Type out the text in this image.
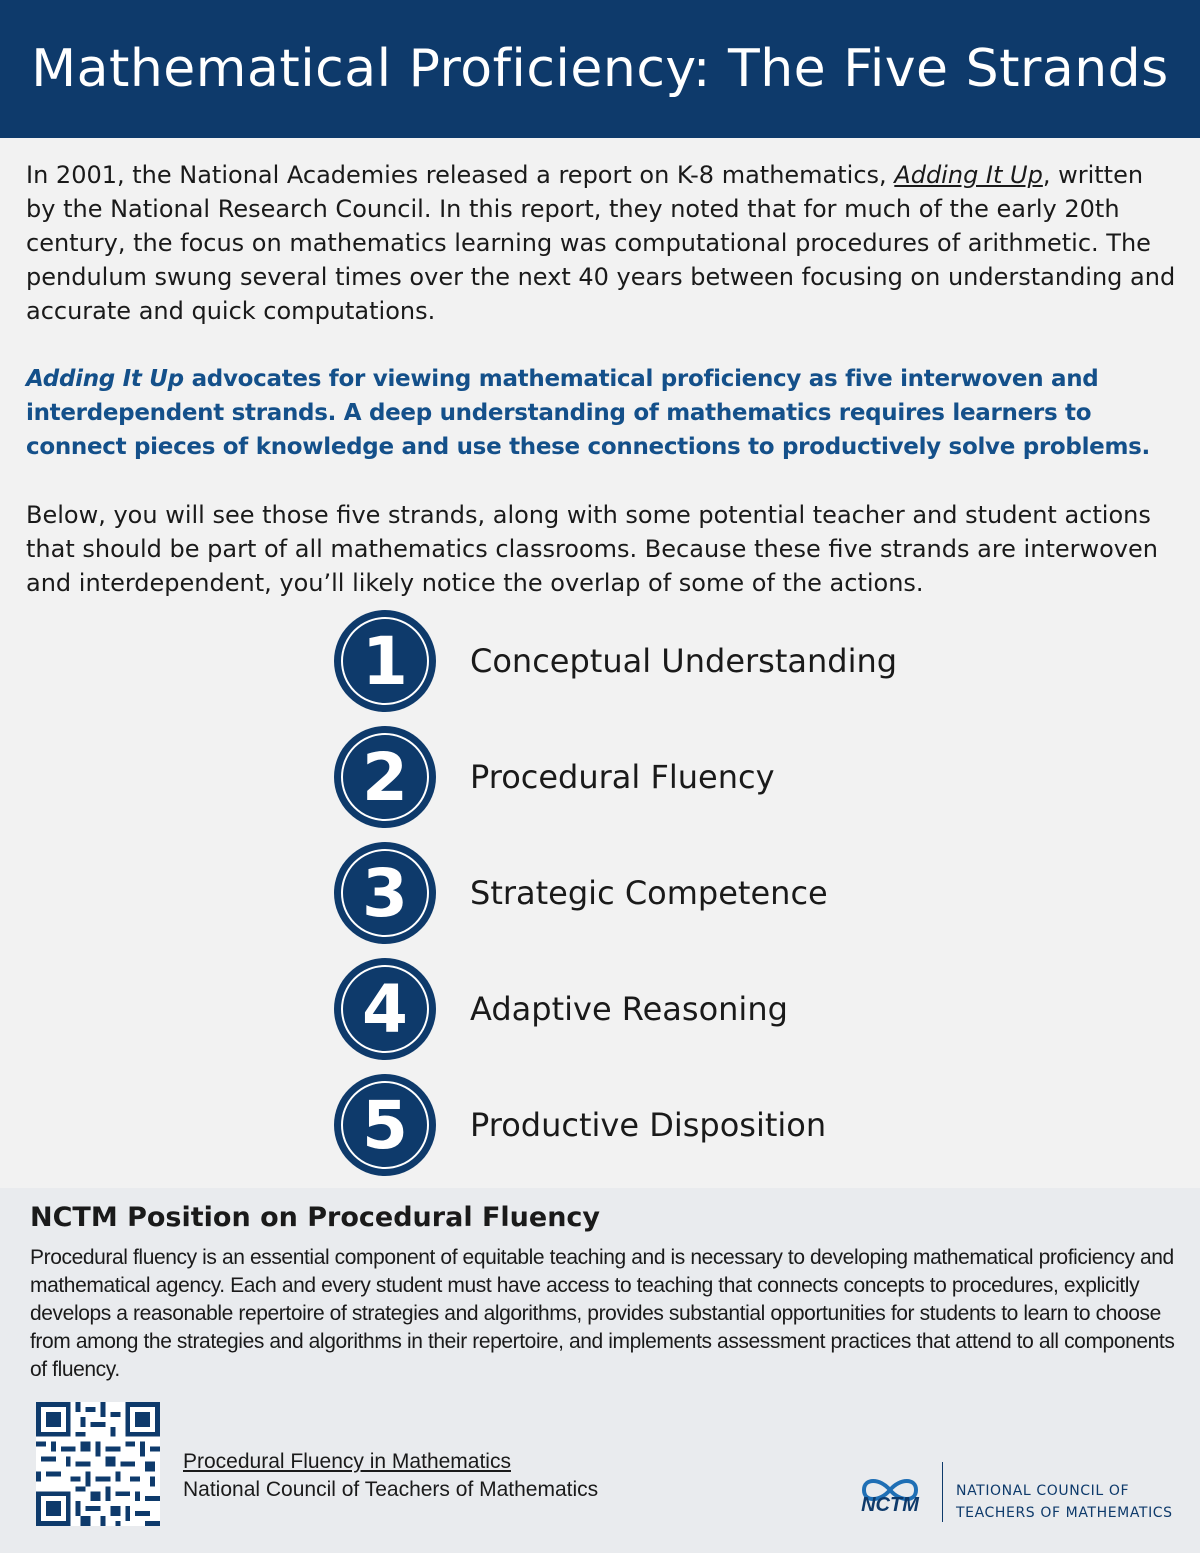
Mathematical Proficiency: The Five Strands

In 2001, the National Academies released a report on K-8 mathematics, Adding It Up, written by the National Research Council. In this report, they noted that for much of the early 20th century, the focus on mathematics learning was computational procedures of arithmetic. The pendulum swung several times over the next 40 years between focusing on understanding and accurate and quick computations.

Adding It Up advocates for viewing mathematical proficiency as five interwoven and interdependent strands. A deep understanding of mathematics requires learners to connect pieces of knowledge and use these connections to productively solve problems.

Below, you will see those five strands, along with some potential teacher and student actions that should be part of all mathematics classrooms. Because these five strands are interwoven and interdependent, you’ll likely notice the overlap of some of the actions.

1	Conceptual Understanding
2	Procedural Fluency
3	Strategic Competence
4	Adaptive Reasoning
5	Productive Disposition
NCTM Position on Procedural Fluency

Procedural fluency is an essential component of equitable teaching and is necessary to developing mathematical proficiency and mathematical agency. Each and every student must have access to teaching that connects concepts to procedures, explicitly develops a reasonable repertoire of strategies and algorithms, provides substantial opportunities for students to learn to choose from among the strategies and algorithms in their repertoire, and implements assessment practices that attend to all components of fluency.

Procedural Fluency in Mathematics
National Council of Teachers of Mathematics
NCTM
NATIONAL COUNCIL OF
TEACHERS OF MATHEMATICS
